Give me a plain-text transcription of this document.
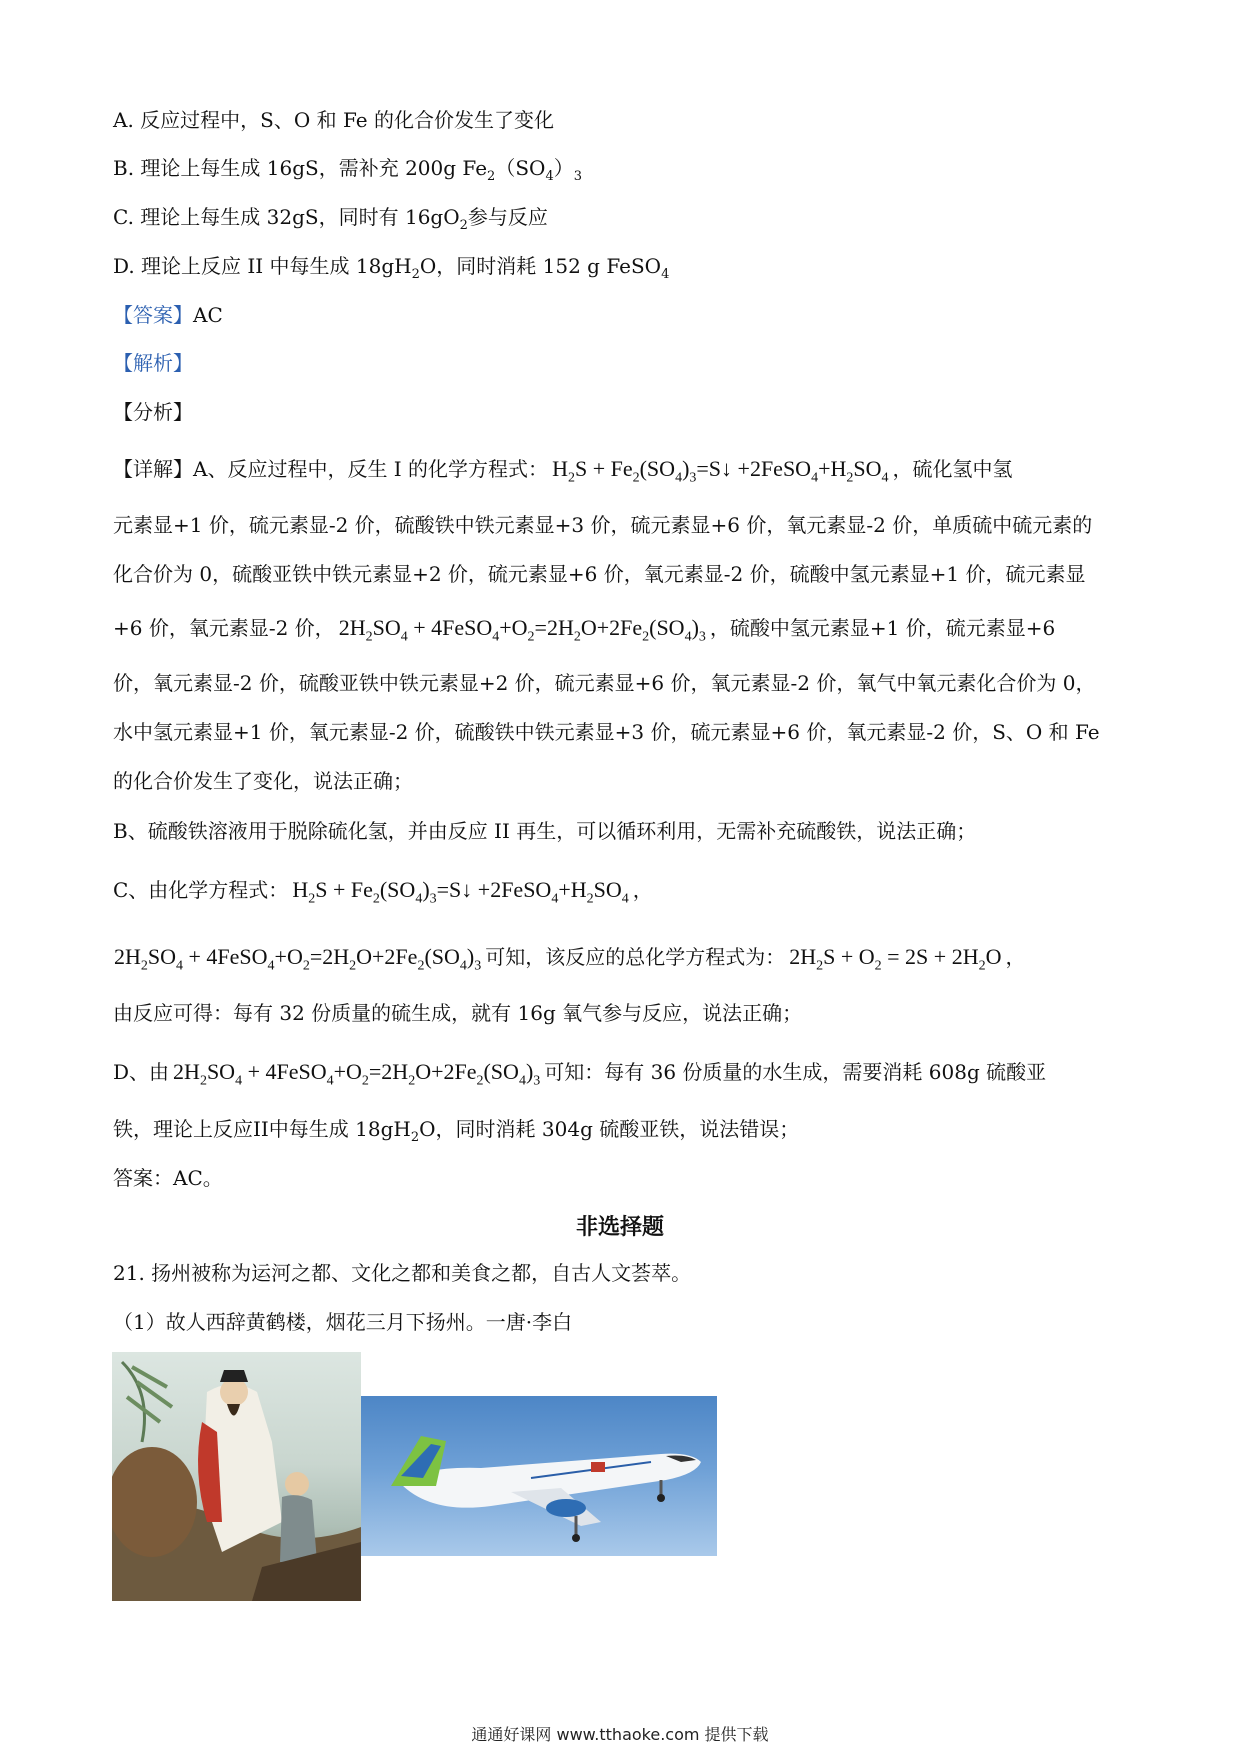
A. 反应过程中，S、O 和 Fe 的化合价发生了变化
B. 理论上每生成 16gS，需补充 200g $Fe_2(SO_4)_3$
C. 理论上每生成 32gS，同时有 $16gO_2$参与反应
D. 理论上反应 II 中每生成 $18gH_2O$，同时消耗 152 g FeSO$_4$
【答案】AC
【解析】
【分析】
【详解】A、反应过程中，反生 I 的化学方程式： $H_2S$ + $Fe_2(SO_4)_3=S↓$ $+2FeSO_4+H_2SO_4$ ，硫化氢中氢
元素显+1 价，硫元素显-2 价，硫酸铁中铁元素显+3 价，硫元素显+6 价，氧元素显-2 价，单质硫中硫元素的
化合价为 0，硫酸亚铁中铁元素显+2 价，硫元素显+6 价，氧元素显-2 价，硫酸中氢元素显+1 价，硫元素显
+6 价，氧元素显-2 价， $2H_2SO_4$ + $4FeSO_4+O_2=2H_2O+2Fe_2(SO_4)_3$ ，硫酸中氢元素显+1 价，硫元素显+6
价，氧元素显-2 价，硫酸亚铁中铁元素显+2 价，硫元素显+6 价，氧元素显-2 价，氧气中氧元素化合价为 0，
水中氢元素显+1 价，氧元素显-2 价，硫酸铁中铁元素显+3 价，硫元素显+6 价，氧元素显-2 价，S、O 和 Fe
的化合价发生了变化，说法正确；
B、硫酸铁溶液用于脱除硫化氢，并由反应 II 再生，可以循环利用，无需补充硫酸铁，说法正确；
C、由化学方程式： $H_2S$ + $Fe_2(SO_4)_3=S↓$ $+2FeSO_4+H_2SO_4$ ，
$2H_2SO_4$ + $4FeSO_4+O_2=2H_2O+2Fe_2(SO_4)_3$ 可知，该反应的总化学方程式为： $2H_2S + O_2 = 2S + 2H_2O$ ，
由反应可得：每有 32 份质量的硫生成，就有 16g 氧气参与反应，说法正确；
D、由 $2H_2SO_4$ + $4FeSO_4+O_2=2H_2O+2Fe_2(SO_4)_3$ 可知：每有 36 份质量的水生成，需要消耗 608g 硫酸亚
铁，理论上反应II中每生成 $18gH_2O$，同时消耗 304g 硫酸亚铁，说法错误；
答案：AC。
非选择题
21. 扬州被称为运河之都、文化之都和美食之都，自古人文荟萃。
（1）故人西辞黄鹤楼，烟花三月下扬州。一唐·李白
通通好课网 www.tthaoke.com 提供下载
